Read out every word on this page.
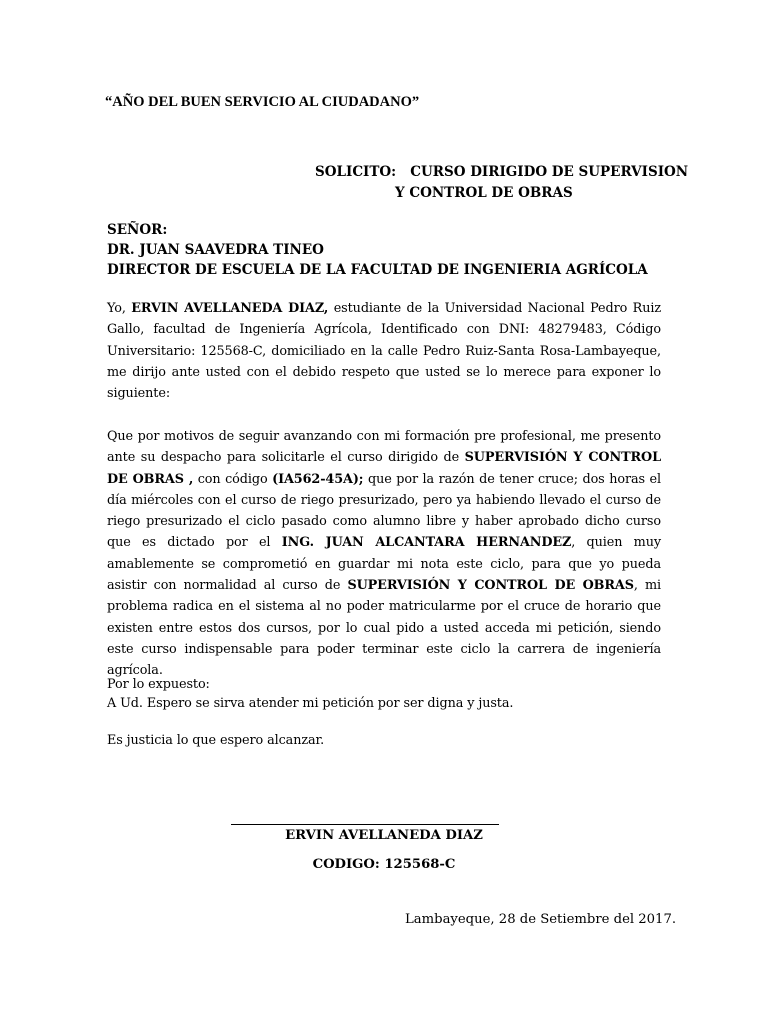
“AÑO DEL BUEN SERVICIO AL CIUDADANO”
SOLICITO:   CURSO DIRIGIDO DE SUPERVISION
Y CONTROL DE OBRAS
SEÑOR:
DR. JUAN SAAVEDRA TINEO
DIRECTOR DE ESCUELA DE LA FACULTAD DE INGENIERIA AGRÍCOLA
Yo, ERVIN AVELLANEDA DIAZ, estudiante de la Universidad Nacional Pedro Ruiz Gallo, facultad de Ingeniería Agrícola, Identificado con DNI: 48279483, Código Universitario: 125568-C, domiciliado en la calle Pedro Ruiz-Santa Rosa-Lambayeque, me dirijo ante usted con el debido respeto que usted se lo merece para exponer lo siguiente:
Que por motivos de seguir avanzando con mi formación pre profesional, me presento ante su despacho para solicitarle el curso dirigido de SUPERVISIÓN Y CONTROL DE OBRAS , con código (IA562-45A); que por la razón de tener cruce; dos horas el día miércoles con el curso de riego presurizado, pero ya habiendo llevado el curso de riego presurizado el ciclo pasado como alumno libre y haber aprobado dicho curso que es dictado por el ING. JUAN ALCANTARA HERNANDEZ, quien muy amablemente se comprometió en guardar mi nota este ciclo, para que yo pueda asistir con normalidad al curso de SUPERVISIÓN Y CONTROL DE OBRAS, mi problema radica en el sistema al no poder matricularme por el cruce de horario que existen entre estos dos cursos, por lo cual pido a usted acceda mi petición, siendo este curso indispensable para poder terminar este ciclo la carrera de ingeniería agrícola.
Por lo expuesto:
A Ud. Espero se sirva atender mi petición por ser digna y justa.
Es justicia lo que espero alcanzar.
ERVIN AVELLANEDA DIAZ
CODIGO: 125568-C
Lambayeque, 28 de Setiembre del 2017.
